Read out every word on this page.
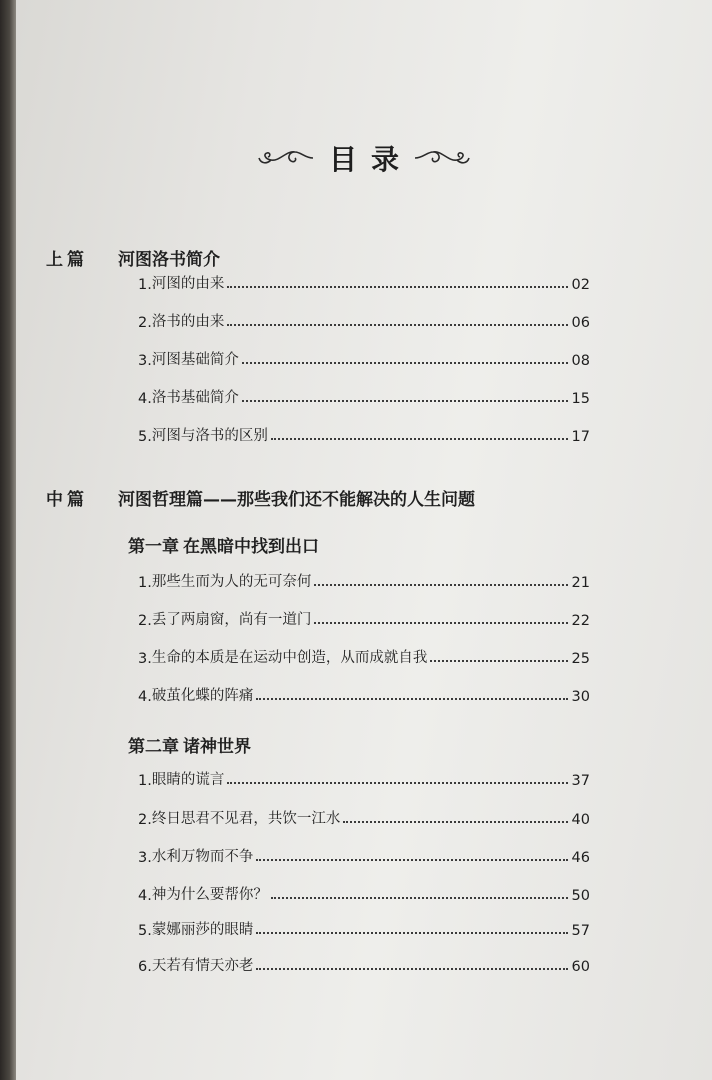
目录
上篇 河图洛书简介
1. 河图的由来	02
2. 洛书的由来	06
3. 河图基础简介	08
4. 洛书基础简介	15
5. 河图与洛书的区别	17
中篇 河图哲理篇——那些我们还不能解决的人生问题
第一章 在黑暗中找到出口
1. 那些生而为人的无可奈何	21
2. 丢了两扇窗，尚有一道门	22
3. 生命的本质是在运动中创造，从而成就自我	25
4. 破茧化蝶的阵痛	30
第二章 诸神世界
1. 眼睛的谎言	37
2. 终日思君不见君，共饮一江水	40
3. 水利万物而不争	46
4. 神为什么要帮你？	50
5. 蒙娜丽莎的眼睛	57
6. 天若有情天亦老	60
